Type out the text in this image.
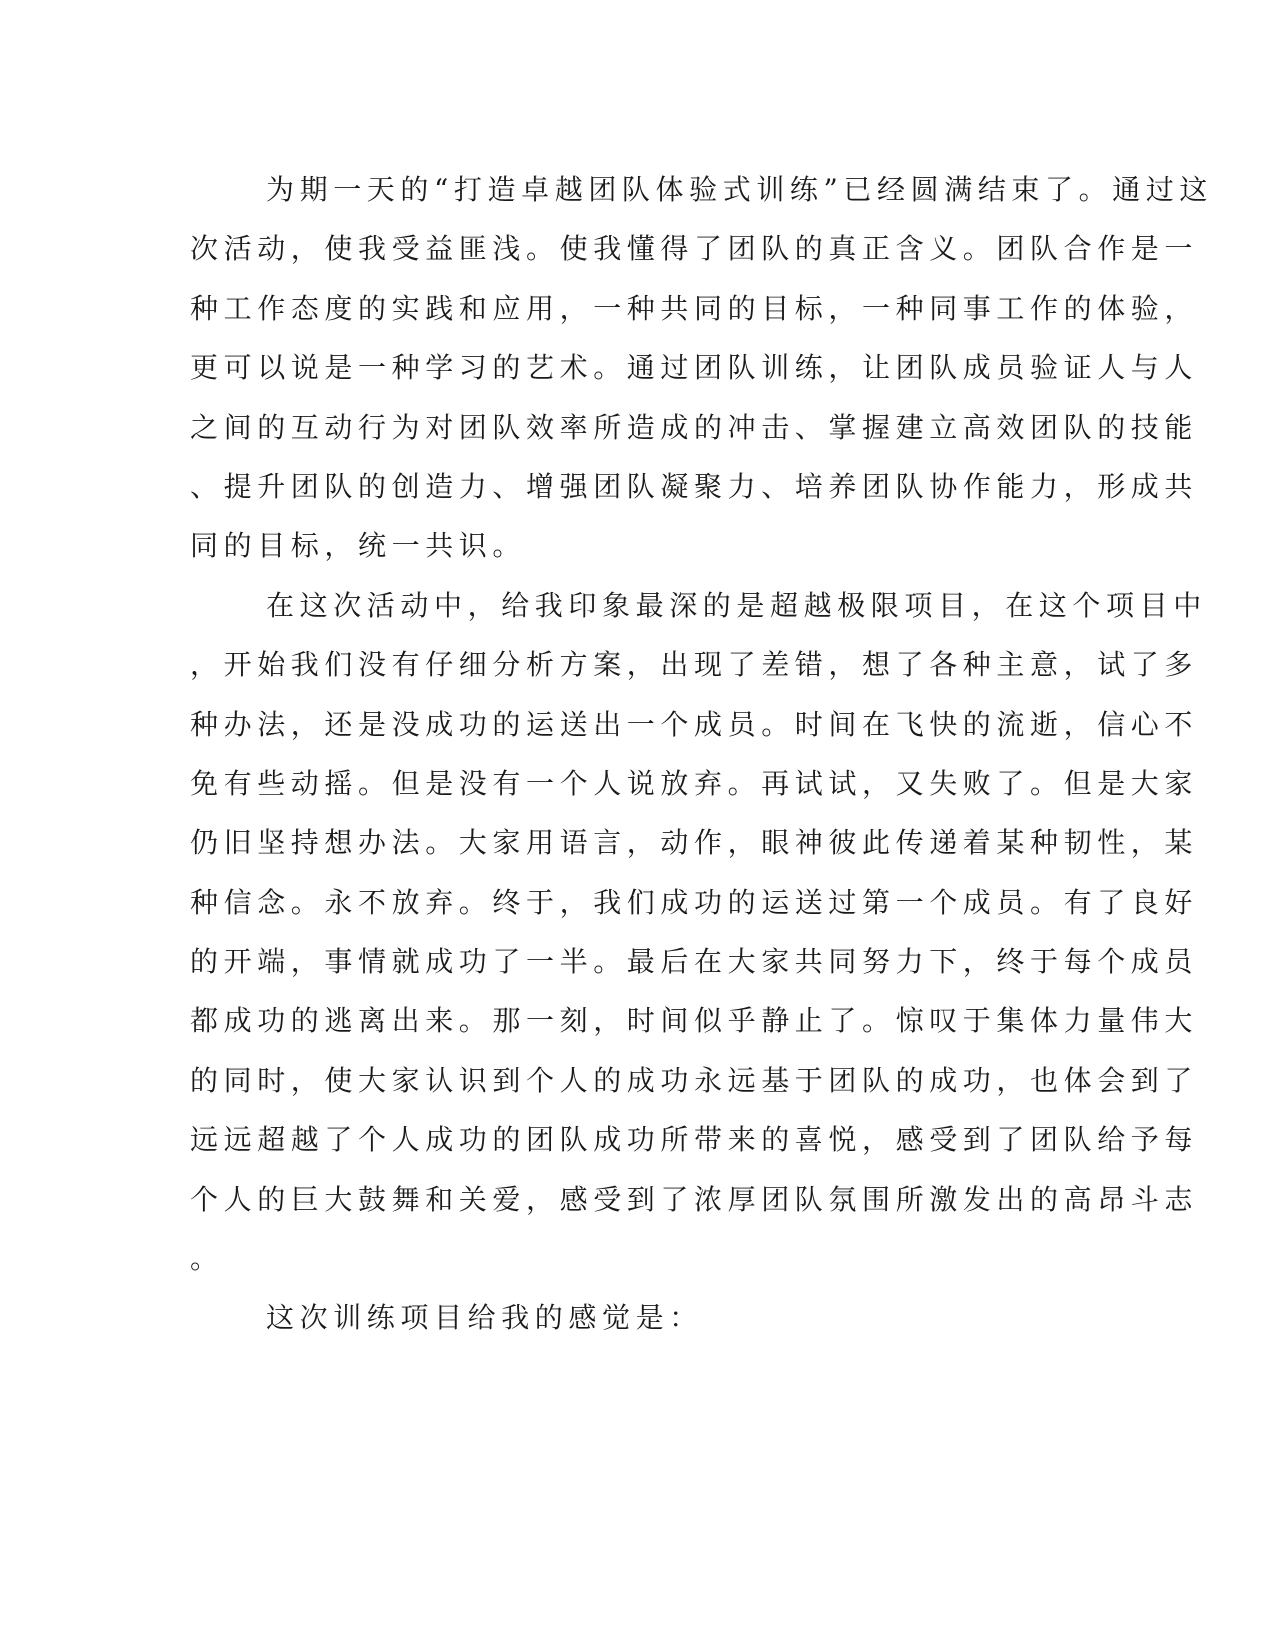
为期一天的“打造卓越团队体验式训练”已经圆满结束了。通过这
次活动，使我受益匪浅。使我懂得了团队的真正含义。团队合作是一
种工作态度的实践和应用，一种共同的目标，一种同事工作的体验，
更可以说是一种学习的艺术。通过团队训练，让团队成员验证人与人
之间的互动行为对团队效率所造成的冲击、掌握建立高效团队的技能
、提升团队的创造力、增强团队凝聚力、培养团队协作能力，形成共
同的目标，统一共识。
在这次活动中，给我印象最深的是超越极限项目，在这个项目中
，开始我们没有仔细分析方案，出现了差错，想了各种主意，试了多
种办法，还是没成功的运送出一个成员。时间在飞快的流逝，信心不
免有些动摇。但是没有一个人说放弃。再试试，又失败了。但是大家
仍旧坚持想办法。大家用语言，动作，眼神彼此传递着某种韧性，某
种信念。永不放弃。终于，我们成功的运送过第一个成员。有了良好
的开端，事情就成功了一半。最后在大家共同努力下，终于每个成员
都成功的逃离出来。那一刻，时间似乎静止了。惊叹于集体力量伟大
的同时，使大家认识到个人的成功永远基于团队的成功，也体会到了
远远超越了个人成功的团队成功所带来的喜悦，感受到了团队给予每
个人的巨大鼓舞和关爱，感受到了浓厚团队氛围所激发出的高昂斗志
。
这次训练项目给我的感觉是：
